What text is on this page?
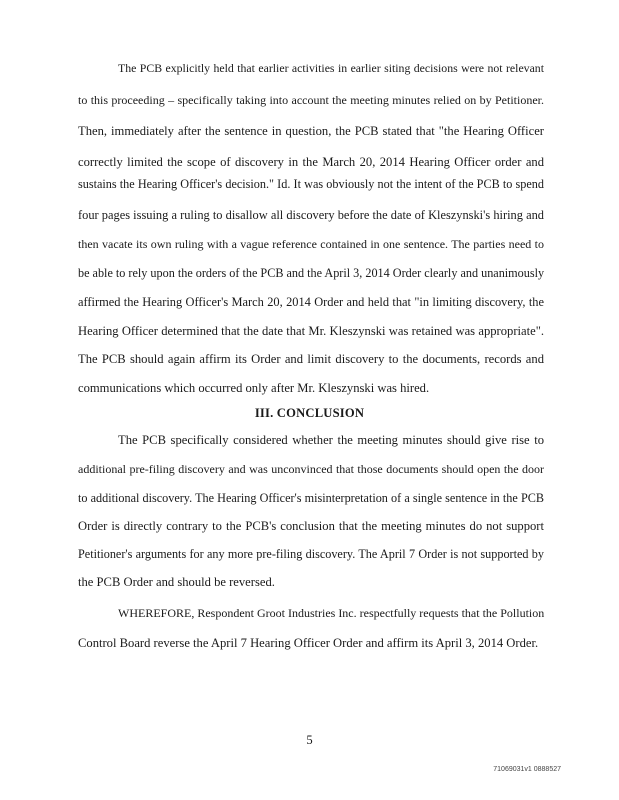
The PCB explicitly held that earlier activities in earlier siting decisions were not relevant
to this proceeding – specifically taking into account the meeting minutes relied on by Petitioner.
Then, immediately after the sentence in question, the PCB stated that "the Hearing Officer
correctly limited the scope of discovery in the March 20, 2014 Hearing Officer order and
sustains the Hearing Officer's decision." Id. It was obviously not the intent of the PCB to spend
four pages issuing a ruling to disallow all discovery before the date of Kleszynski's hiring and
then vacate its own ruling with a vague reference contained in one sentence. The parties need to
be able to rely upon the orders of the PCB and the April 3, 2014 Order clearly and unanimously
affirmed the Hearing Officer's March 20, 2014 Order and held that "in limiting discovery, the
Hearing Officer determined that the date that Mr. Kleszynski was retained was appropriate".
The PCB should again affirm its Order and limit discovery to the documents, records and
communications which occurred only after Mr. Kleszynski was hired.
III. CONCLUSION
The PCB specifically considered whether the meeting minutes should give rise to
additional pre-filing discovery and was unconvinced that those documents should open the door
to additional discovery. The Hearing Officer's misinterpretation of a single sentence in the PCB
Order is directly contrary to the PCB's conclusion that the meeting minutes do not support
Petitioner's arguments for any more pre-filing discovery. The April 7 Order is not supported by
the PCB Order and should be reversed.
WHEREFORE, Respondent Groot Industries Inc. respectfully requests that the Pollution
Control Board reverse the April 7 Hearing Officer Order and affirm its April 3, 2014 Order.
5
71069031v1 0888527
